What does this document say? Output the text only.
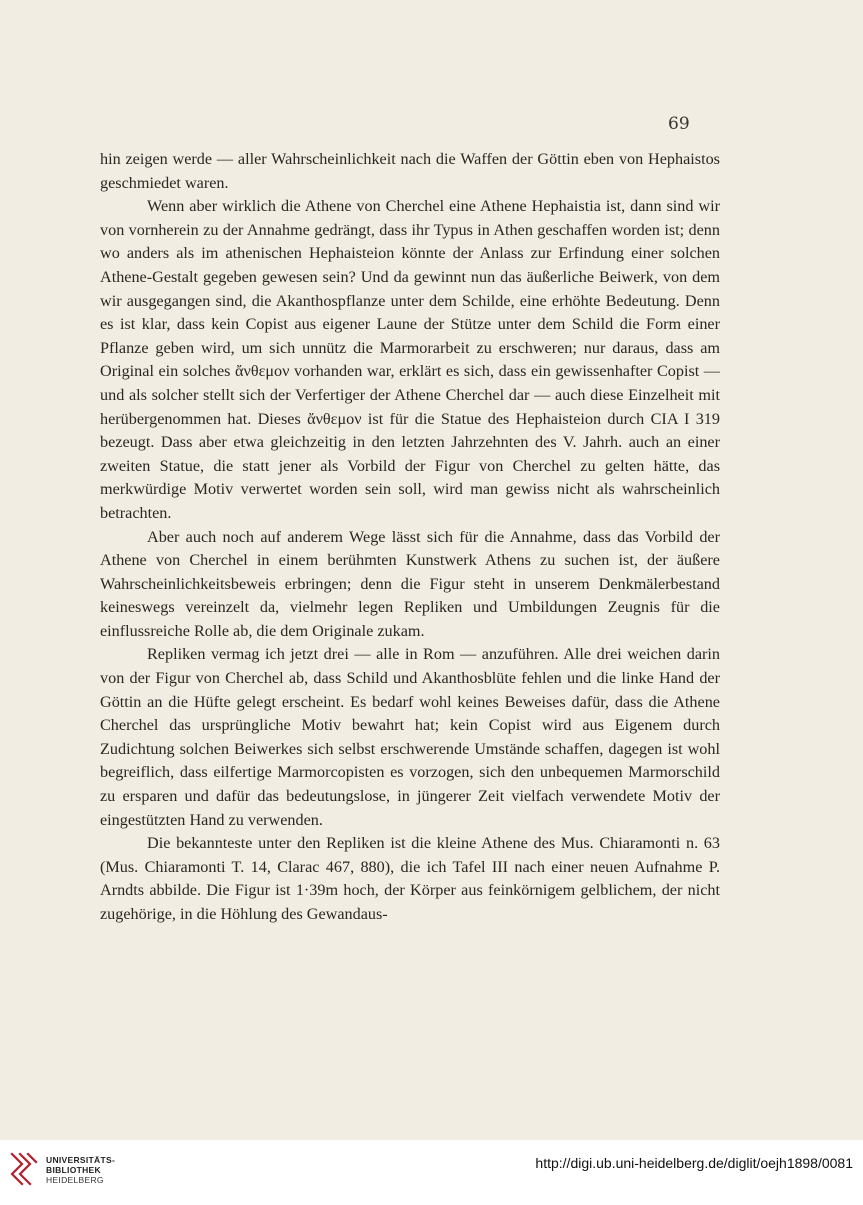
69

hin zeigen werde — aller Wahrscheinlichkeit nach die Waffen der Göttin eben von Hephaistos geschmiedet waren.

Wenn aber wirklich die Athene von Cherchel eine Athene Hephaistia ist, dann sind wir von vornherein zu der Annahme gedrängt, dass ihr Typus in Athen geschaffen worden ist; denn wo anders als im athenischen Hephaisteion könnte der Anlass zur Erfindung einer solchen Athene-Gestalt gegeben gewesen sein? Und da gewinnt nun das äußerliche Beiwerk, von dem wir ausgegangen sind, die Akanthospflanze unter dem Schilde, eine erhöhte Bedeutung. Denn es ist klar, dass kein Copist aus eigener Laune der Stütze unter dem Schild die Form einer Pflanze geben wird, um sich unnütz die Marmorarbeit zu erschweren; nur daraus, dass am Original ein solches ἄνθεμον vorhanden war, erklärt es sich, dass ein gewissenhafter Copist — und als solcher stellt sich der Verfertiger der Athene Cherchel dar — auch diese Einzelheit mit herübergenommen hat. Dieses ἄνθεμον ist für die Statue des Hephaisteion durch CIA I 319 bezeugt. Dass aber etwa gleichzeitig in den letzten Jahrzehnten des V. Jahrh. auch an einer zweiten Statue, die statt jener als Vorbild der Figur von Cherchel zu gelten hätte, das merkwürdige Motiv verwertet worden sein soll, wird man gewiss nicht als wahrscheinlich betrachten.

Aber auch noch auf anderem Wege lässt sich für die Annahme, dass das Vorbild der Athene von Cherchel in einem berühmten Kunstwerk Athens zu suchen ist, der äußere Wahrscheinlichkeitsbeweis erbringen; denn die Figur steht in unserem Denkmälerbestand keineswegs vereinzelt da, vielmehr legen Repliken und Umbildungen Zeugnis für die einflussreiche Rolle ab, die dem Originale zukam.

Repliken vermag ich jetzt drei — alle in Rom — anzuführen. Alle drei weichen darin von der Figur von Cherchel ab, dass Schild und Akanthosblüte fehlen und die linke Hand der Göttin an die Hüfte gelegt erscheint. Es bedarf wohl keines Beweises dafür, dass die Athene Cherchel das ursprüngliche Motiv bewahrt hat; kein Copist wird aus Eigenem durch Zudichtung solchen Beiwerkes sich selbst erschwerende Umstände schaffen, dagegen ist wohl begreiflich, dass eilfertige Marmorcopisten es vorzogen, sich den unbequemen Marmorschild zu ersparen und dafür das bedeutungslose, in jüngerer Zeit vielfach verwendete Motiv der eingestützten Hand zu verwenden.

Die bekannteste unter den Repliken ist die kleine Athene des Mus. Chiaramonti n. 63 (Mus. Chiaramonti T. 14, Clarac 467, 880), die ich Tafel III nach einer neuen Aufnahme P. Arndts abbilde. Die Figur ist 1·39m hoch, der Körper aus feinkörnigem gelblichem, der nicht zugehörige, in die Höhlung des Gewandaus-

UNIVERSITÄTS-
BIBLIOTHEK
HEIDELBERG
http://digi.ub.uni-heidelberg.de/diglit/oejh1898/0081
